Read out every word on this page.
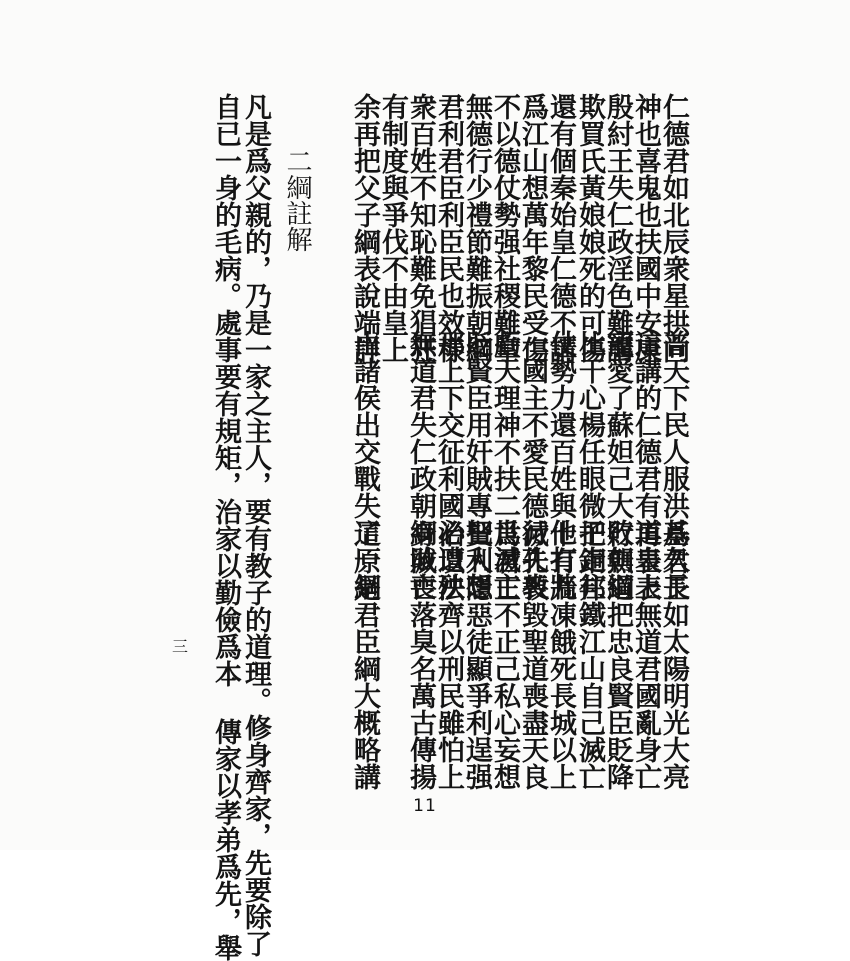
仁德君如北辰衆星拱向
神也喜鬼也扶國中安康
殷紂王失仁政淫色難講
欺買氏黃娘娘死的可傷
還有個秦始皇仁德不講
爲江山想萬年黎民受傷
不以德仗勢强社稷難掌
無德行少禮節難振朝綱
君利君臣利臣民也效樣
衆百姓不知恥難免猖狂
有制度與爭伐不由皇上
余再把父子綱表說端詳
普天下民人服洪基久長
這講的仁德君有道皇上
寵愛了蘇妲己大敗朝綱
比干心楊任眼微子走往
仗勢力還百姓與他打牆
一國主不愛民德行失喪
虧天理神不扶二世滅亡
貶賢臣用奸賊專把利想
那上下交征利國必遭殃
無道君失仁政朝綱敗喪
由諸侯出交戰失了一綱
爲君王如太陽明光大亮
再表表無道君國亂身亡
行無道把忠良賢臣貶降
把銅邦鐵江山自己滅亡
十有九凍餓死長城以上
滅孔教毀聖道喪盡天良
爲君王不正己私心妄想
賢人隱惡徒顯爭利逞强
治以法齊以刑民雖怕上
身滅亡落臭名萬古傳揚
這原是君臣綱大概略講
二綱註解
凡是爲父親的，乃是一家之主人，要有教子的道理。修身齊家，先要除了
自已一身的毛病。處事要有規矩，治家以勤儉爲本 傳家以孝弟爲先，舉
三
11
